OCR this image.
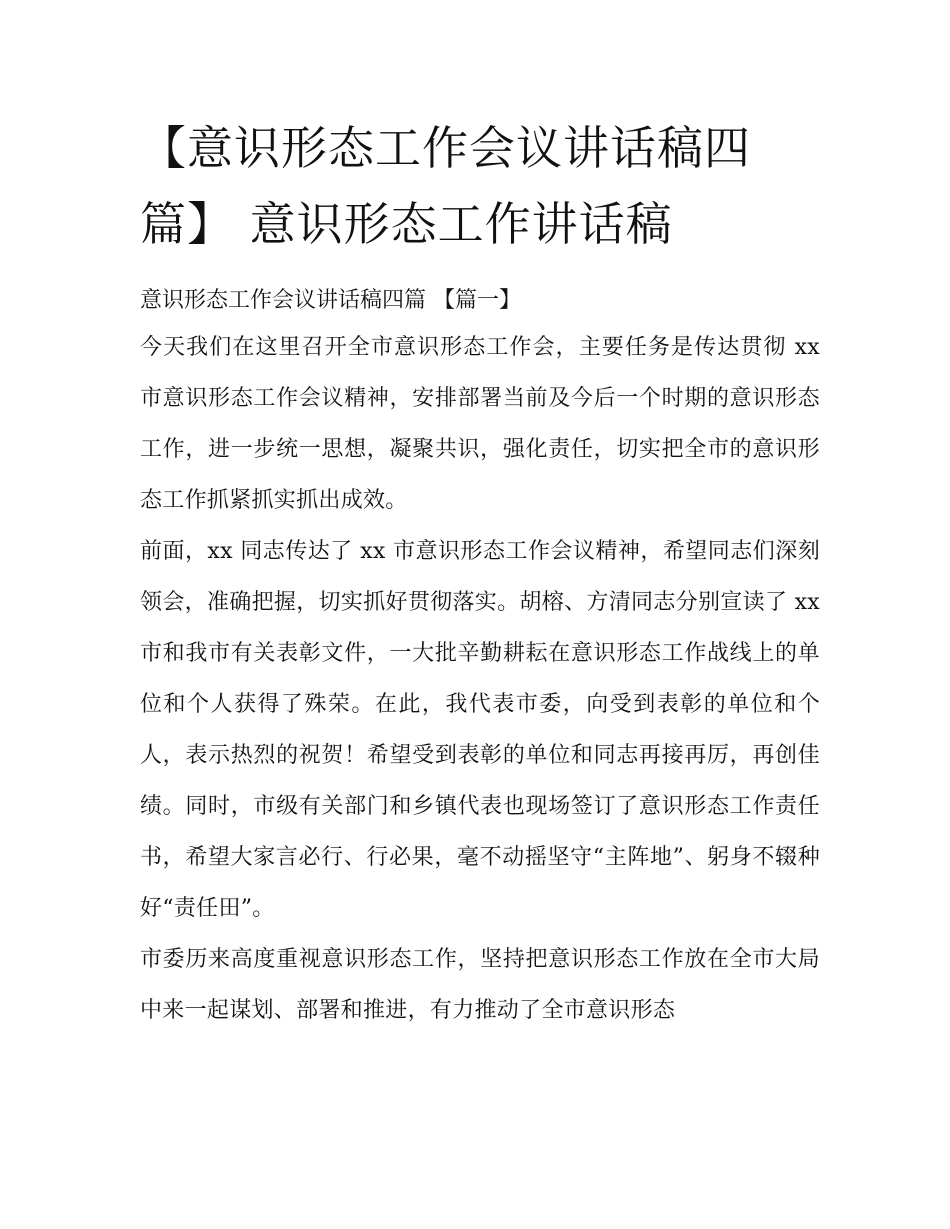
【意识形态工作会议讲话稿四篇】 意识形态工作讲话稿
意识形态工作会议讲话稿四篇 【篇一】

今天我们在这里召开全市意识形态工作会，主要任务是传达贯彻 xx 市意识形态工作会议精神，安排部署当前及今后一个时期的意识形态工作，进一步统一思想，凝聚共识，强化责任，切实把全市的意识形态工作抓紧抓实抓出成效。

前面，xx 同志传达了 xx 市意识形态工作会议精神，希望同志们深刻领会，准确把握，切实抓好贯彻落实。胡榕、方清同志分别宣读了 xx 市和我市有关表彰文件，一大批辛勤耕耘在意识形态工作战线上的单位和个人获得了殊荣。在此，我代表市委，向受到表彰的单位和个人，表示热烈的祝贺！希望受到表彰的单位和同志再接再厉，再创佳绩。同时，市级有关部门和乡镇代表也现场签订了意识形态工作责任书，希望大家言必行、行必果，毫不动摇坚守“主阵地”、躬身不辍种好“责任田”。

市委历来高度重视意识形态工作，坚持把意识形态工作放在全市大局中来一起谋划、部署和推进，有力推动了全市意识形态
